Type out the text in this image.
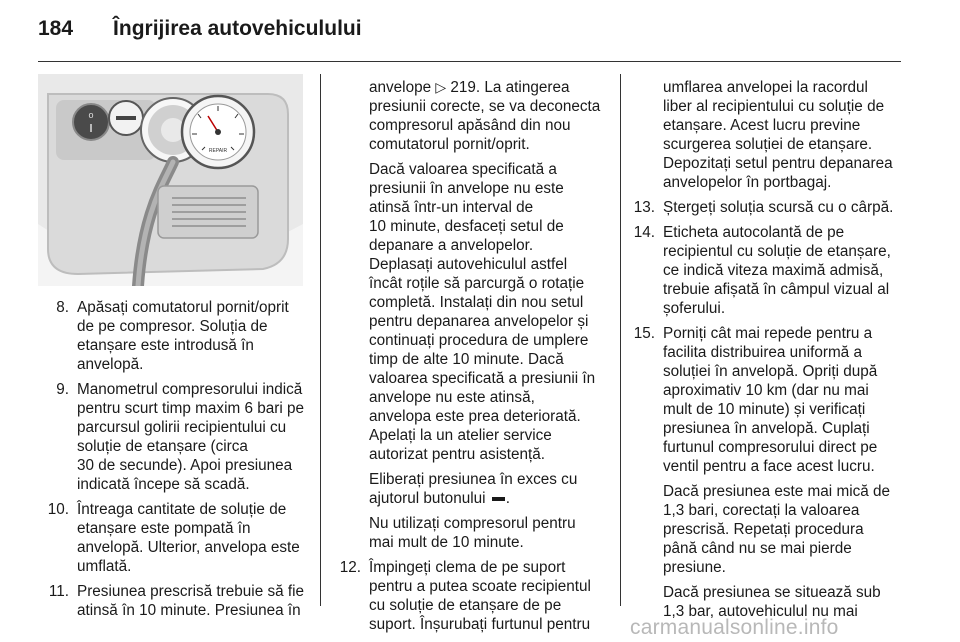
184 Îngrijirea autovehiculului
o
REPAIR
8. Apăsați comutatorul pornit/oprit
de pe compresor. Soluția de
etanșare este introdusă în
anvelopă.
9. Manometrul compresorului indică
pentru scurt timp maxim 6 bari pe
parcursul golirii recipientului cu
soluție de etanșare (circa
30 de secunde). Apoi presiunea
indicată începe să scadă.
10. Întreaga cantitate de soluție de
etanșare este pompată în
anvelopă. Ulterior, anvelopa este
umflată.
11. Presiunea prescrisă trebuie să fie
atinsă în 10 minute. Presiunea în

anvelope ▷ 219. La atingerea
presiunii corecte, se va deconecta
compresorul apăsând din nou
comutatorul pornit/oprit.

Dacă valoarea specificată a
presiunii în anvelope nu este
atinsă într-un interval de
10 minute, desfaceți setul de
depanare a anvelopelor.
Deplasați autovehiculul astfel
încât roțile să parcurgă o rotație
completă. Instalați din nou setul
pentru depanarea anvelopelor și
continuați procedura de umplere
timp de alte 10 minute. Dacă
valoarea specificată a presiunii în
anvelope nu este atinsă,
anvelopa este prea deteriorată.
Apelați la un atelier service
autorizat pentru asistență.

Eliberați presiunea în exces cu
ajutorul butonului .

Nu utilizați compresorul pentru
mai mult de 10 minute.

12. Împingeți clema de pe suport
pentru a putea scoate recipientul
cu soluție de etanșare de pe
suport. Înșurubați furtunul pentru

umflarea anvelopei la racordul
liber al recipientului cu soluție de
etanșare. Acest lucru previne
scurgerea soluției de etanșare.
Depozitați setul pentru depanarea
anvelopelor în portbagaj.

13. Ștergeți soluția scursă cu o cârpă.
14. Eticheta autocolantă de pe
recipientul cu soluție de etanșare,
ce indică viteza maximă admisă,
trebuie afișată în câmpul vizual al
șoferului.
15. Porniți cât mai repede pentru a
facilita distribuirea uniformă a
soluției în anvelopă. Opriți după
aproximativ 10 km (dar nu mai
mult de 10 minute) și verificați
presiunea în anvelopă. Cuplați
furtunul compresorului direct pe
ventil pentru a face acest lucru.

Dacă presiunea este mai mică de
1,3 bari, corectați la valoarea
prescrisă. Repetați procedura
până când nu se mai pierde
presiune.

Dacă presiunea se situează sub
1,3 bar, autovehiculul nu mai

carmanualsonline.info
